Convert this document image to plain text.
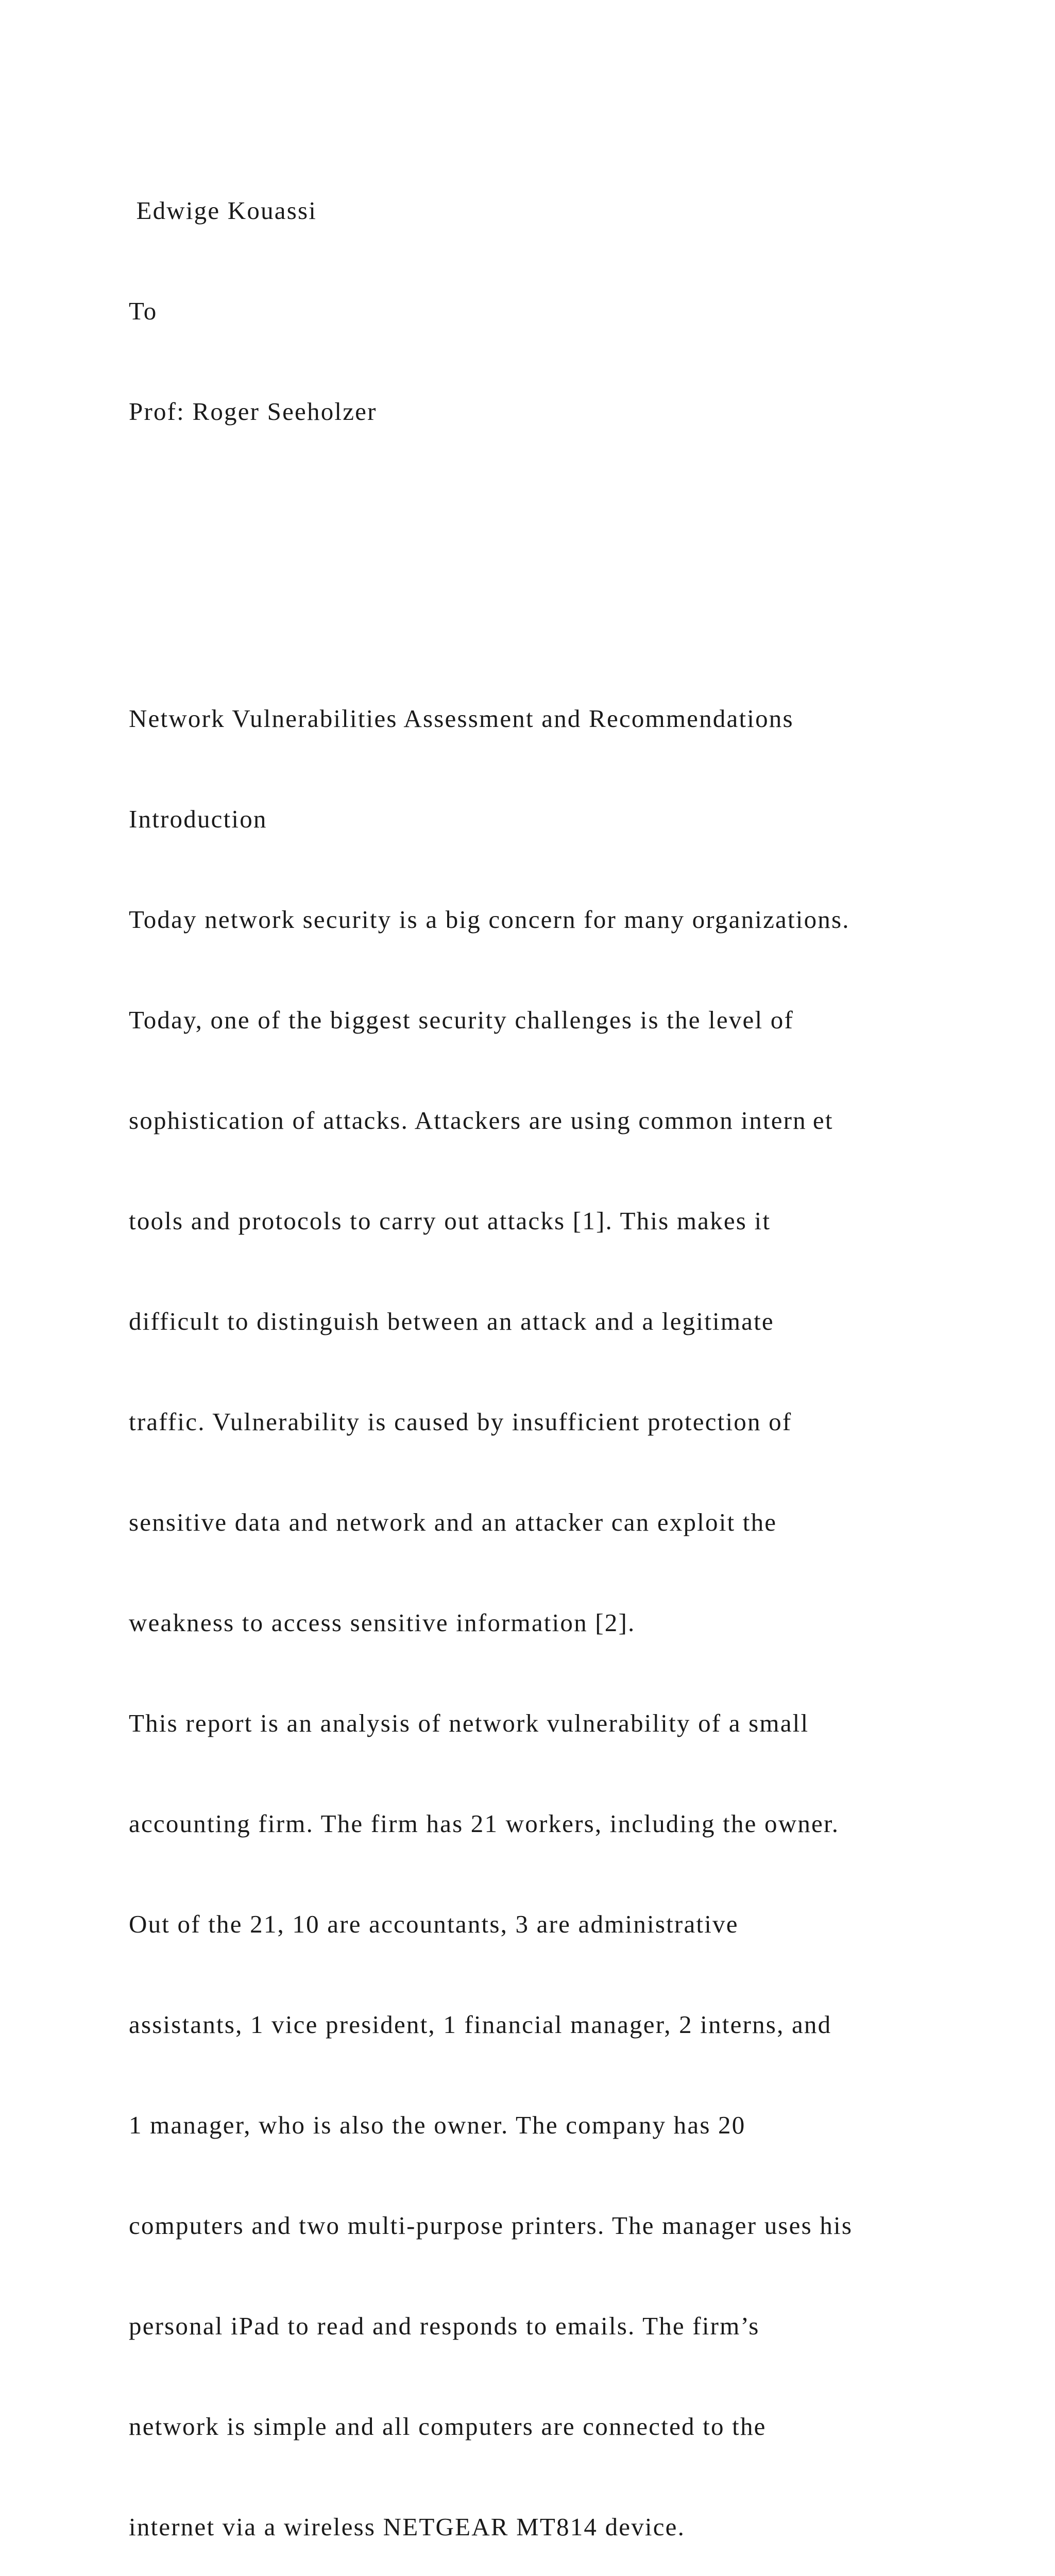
Edwige Kouassi

To

Prof: Roger Seeholzer

Network Vulnerabilities Assessment and Recommendations

Introduction

Today network security is a big concern for many organizations.

Today, one of the biggest security challenges is the level of

sophistication of attacks. Attackers are using common intern et

tools and protocols to carry out attacks [1]. This makes it

difficult to distinguish between an attack and a legitimate

traffic. Vulnerability is caused by insufficient protection of

sensitive data and network and an attacker can exploit the

weakness to access sensitive information [2].

This report is an analysis of network vulnerability of a small

accounting firm. The firm has 21 workers, including the owner.

Out of the 21, 10 are accountants, 3 are administrative

assistants, 1 vice president, 1 financial manager, 2 interns, and

1 manager, who is also the owner. The company has 20

computers and two multi-purpose printers. The manager uses his

personal iPad to read and responds to emails. The firm’s

network is simple and all computers are connected to the

internet via a wireless NETGEAR MT814 device.
